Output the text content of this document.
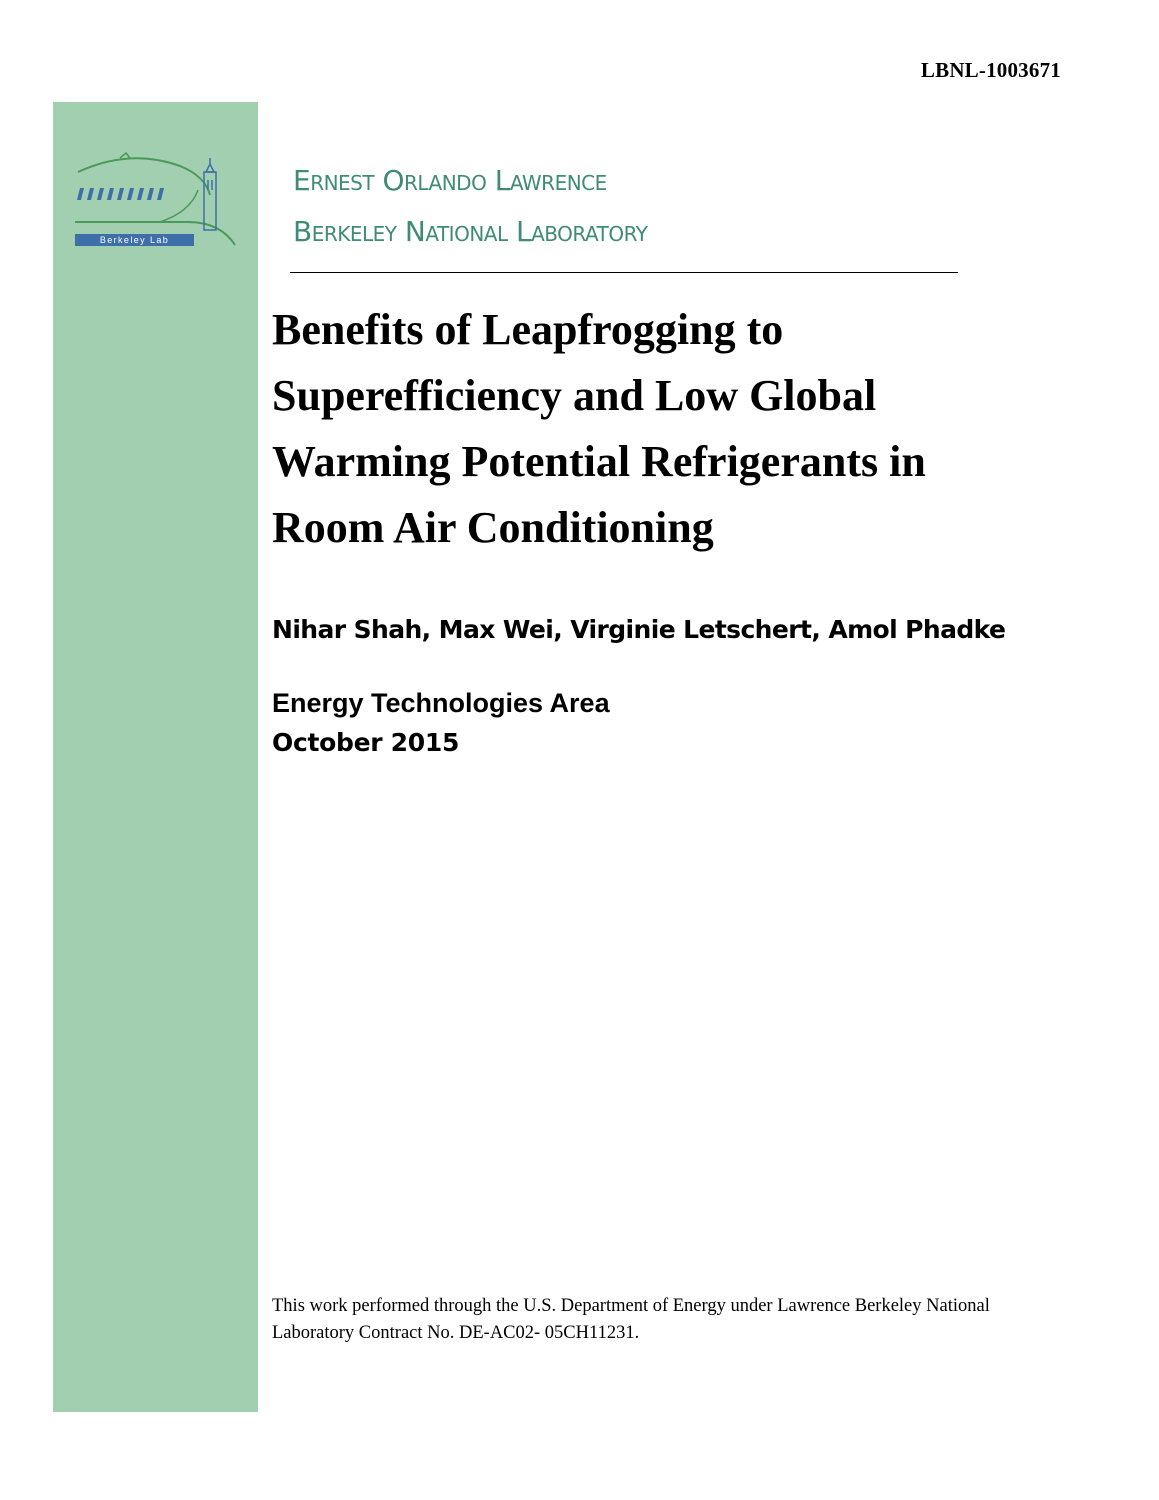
LBNL-1003671
Berkeley Lab
Ernest Orlando Lawrence
Berkeley National Laboratory
Benefits of Leapfrogging to
Superefficiency and Low Global
Warming Potential Refrigerants in
Room Air Conditioning
Nihar Shah, Max Wei, Virginie Letschert, Amol Phadke
Energy Technologies Area
October 2015
This work performed through the U.S. Department of Energy under Lawrence Berkeley National
Laboratory Contract No. DE-AC02- 05CH11231.
